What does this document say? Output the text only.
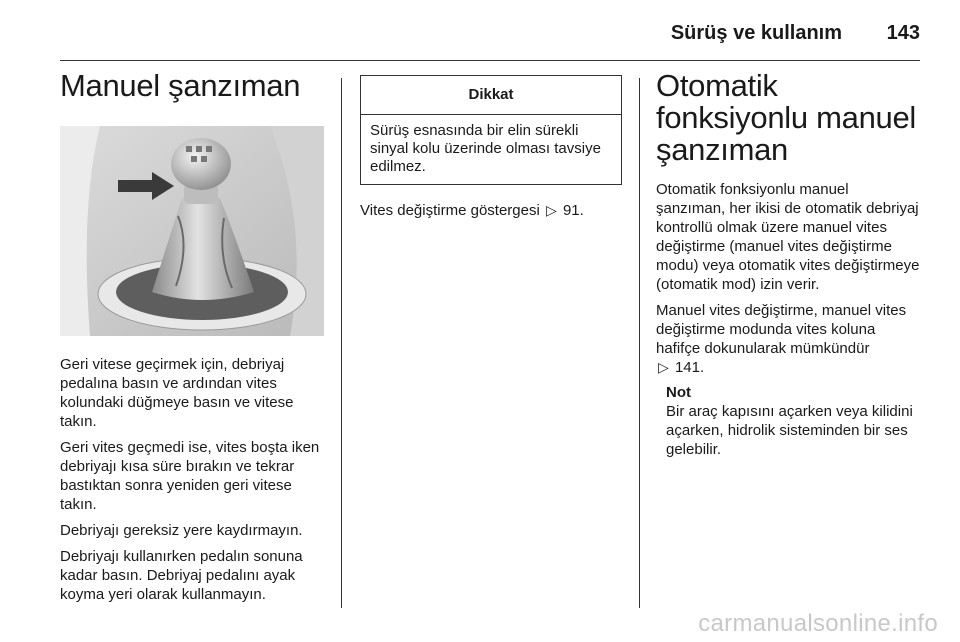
Sürüş ve kullanım 143
Manuel şanzıman

Geri vitese geçirmek için, debriyaj pedalına basın ve ardından vites kolundaki düğmeye basın ve vitese takın.

Geri vites geçmedi ise, vites boşta iken debriyajı kısa süre bırakın ve tekrar bastıktan sonra yeniden geri vitese takın.

Debriyajı gereksiz yere kaydırmayın.

Debriyajı kullanırken pedalın sonuna kadar basın. Debriyaj pedalını ayak koyma yeri olarak kullanmayın.

Dikkat
Sürüş esnasında bir elin sürekli sinyal kolu üzerinde olması tavsiye edilmez.
Vites değiştirme göstergesi ▷ 91.
Otomatik fonksiyonlu manuel şanzıman

Otomatik fonksiyonlu manuel şanzıman, her ikisi de otomatik debriyaj kontrollü olmak üzere manuel vites değiştirme (manuel vites değiştirme modu) veya otomatik vites değiştirmeye (otomatik mod) izin verir.

Manuel vites değiştirme, manuel vites değiştirme modunda vites koluna hafifçe dokunularak mümkündür
▷ 141.

Not
Bir araç kapısını açarken veya kilidini açarken, hidrolik sisteminden bir ses gelebilir.
carmanualsonline.info
